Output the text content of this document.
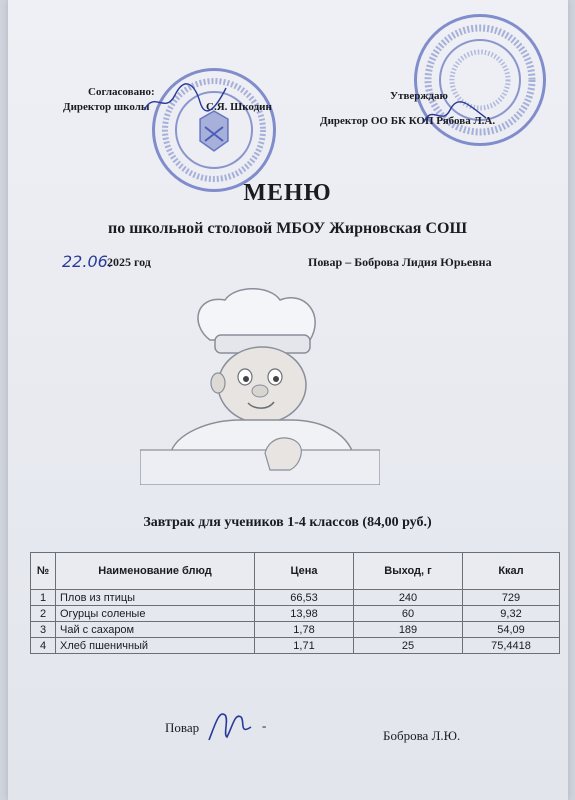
Согласовано:
Директор школы	С.Я. Шкодин
Утверждаю
Директор ОО БК КОП Рябова Л.А.
МЕНЮ
по школьной столовой МБОУ Жирновская СОШ
22.06.
2025 год	Повар – Боброва Лидия Юрьевна
Завтрак для учеников 1-4 классов (84,00 руб.)
№	Наименование блюд	Цена	Выход, г	Ккал
1	Плов из птицы	66,53	240	729
2	Огурцы соленые	13,98	60	9,32
3	Чай с сахаром	1,78	189	54,09
4	Хлеб пшеничный	1,71	25	75,4418
Повар	-
Боброва Л.Ю.
